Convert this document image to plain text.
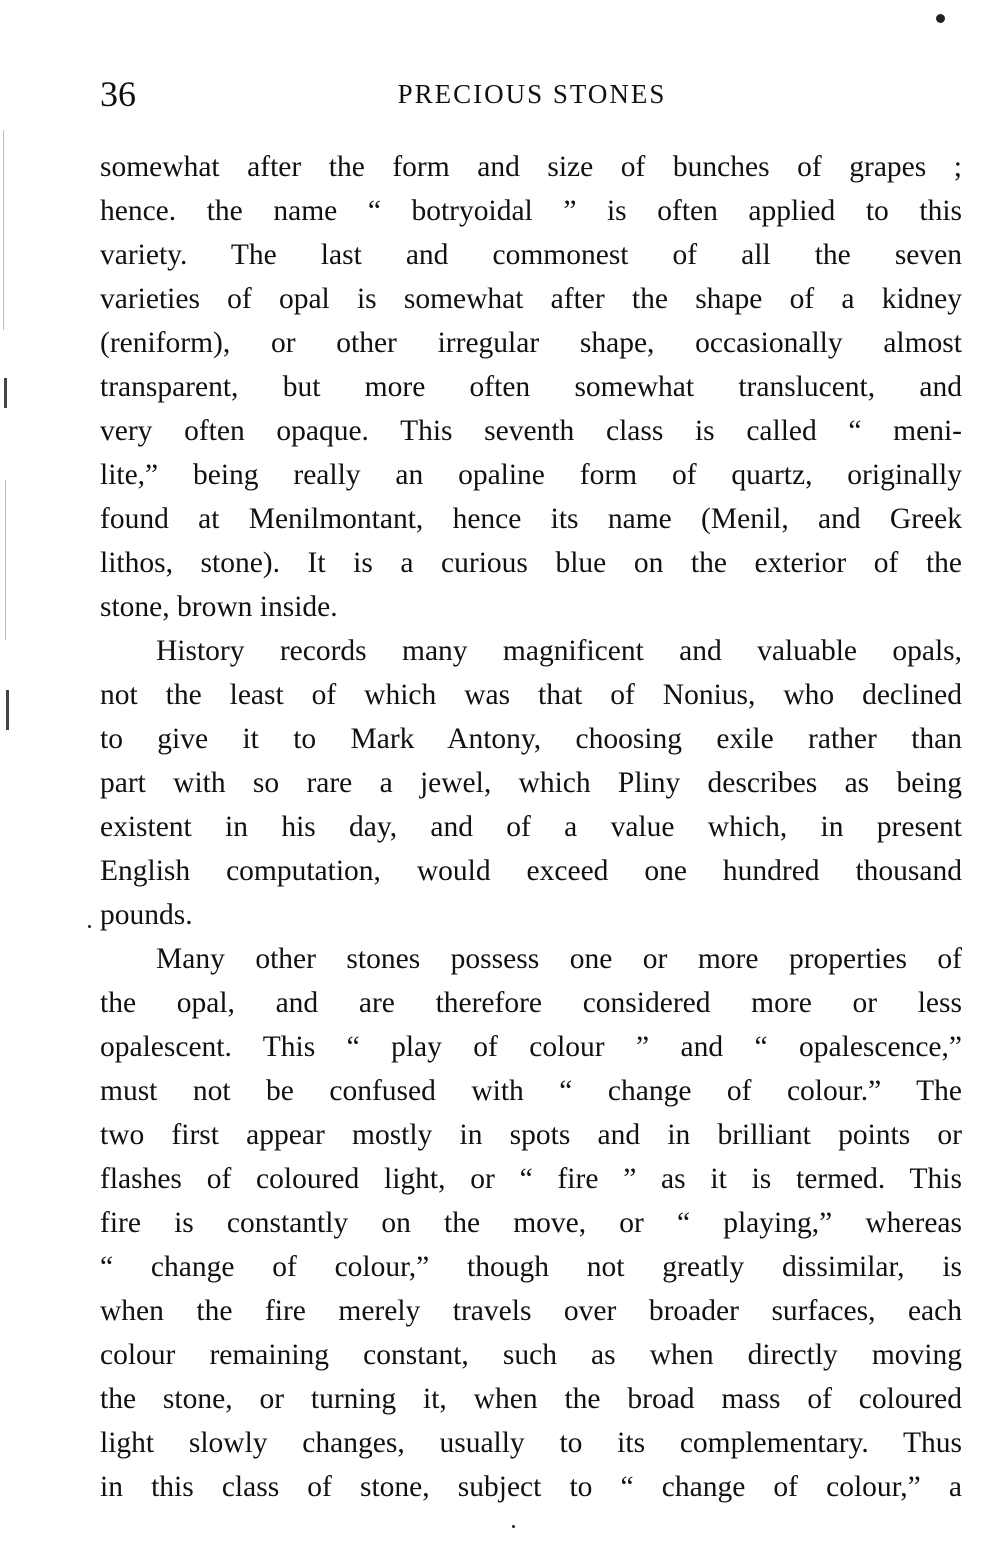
36	PRECIOUS STONES
somewhat after the form and size of bunches of grapes ;
hence. the name “ botryoidal ” is often applied to this
variety. The last and commonest of all the seven
varieties of opal is somewhat after the shape of a kidney
(reniform), or other irregular shape, occasionally almost
transparent, but more often somewhat translucent, and
very often opaque. This seventh class is called “ meni-
lite,” being really an opaline form of quartz, originally
found at Menilmontant, hence its name (Menil, and Greek
lithos, stone). It is a curious blue on the exterior of the
stone, brown inside.
History records many magnificent and valuable opals,
not the least of which was that of Nonius, who declined
to give it to Mark Antony, choosing exile rather than
part with so rare a jewel, which Pliny describes as being
existent in his day, and of a value which, in present
English computation, would exceed one hundred thousand
pounds.
Many other stones possess one or more properties of
the opal, and are therefore considered more or less
opalescent. This “ play of colour ” and “ opalescence,”
must not be confused with “ change of colour.” The
two first appear mostly in spots and in brilliant points or
flashes of coloured light, or “ fire ” as it is termed. This
fire is constantly on the move, or “ playing,” whereas
“ change of colour,” though not greatly dissimilar, is
when the fire merely travels over broader surfaces, each
colour remaining constant, such as when directly moving
the stone, or turning it, when the broad mass of coloured
light slowly changes, usually to its complementary. Thus
in this class of stone, subject to “ change of colour,” a
